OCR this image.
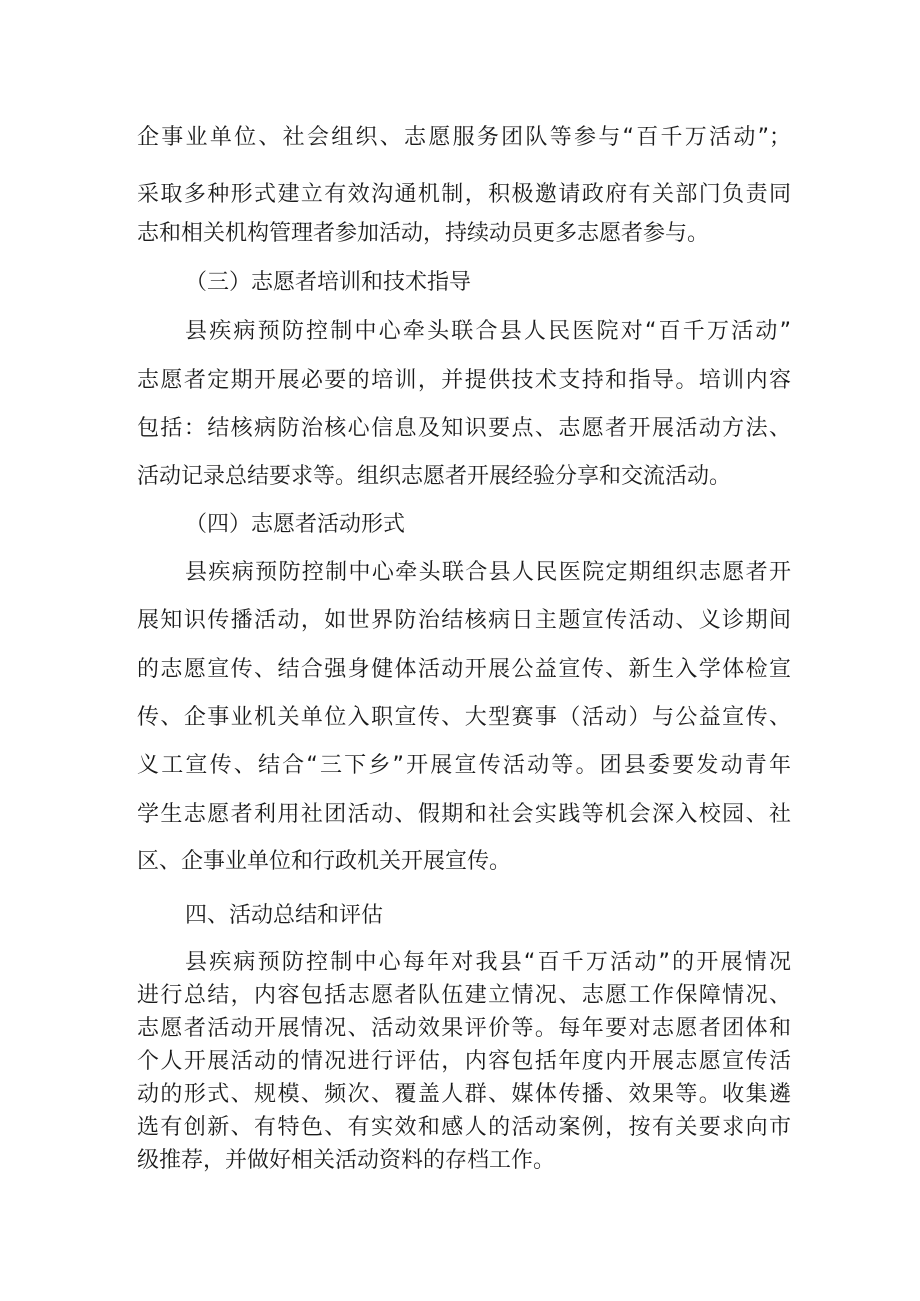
企事业单位、社会组织、志愿服务团队等参与“百千万活动”；
采取多种形式建立有效沟通机制，积极邀请政府有关部门负责同
志和相关机构管理者参加活动，持续动员更多志愿者参与。
（三）志愿者培训和技术指导
县疾病预防控制中心牵头联合县人民医院对“百千万活动”
志愿者定期开展必要的培训，并提供技术支持和指导。培训内容
包括：结核病防治核心信息及知识要点、志愿者开展活动方法、
活动记录总结要求等。组织志愿者开展经验分享和交流活动。
（四）志愿者活动形式
县疾病预防控制中心牵头联合县人民医院定期组织志愿者开
展知识传播活动，如世界防治结核病日主题宣传活动、义诊期间
的志愿宣传、结合强身健体活动开展公益宣传、新生入学体检宣
传、企事业机关单位入职宣传、大型赛事（活动）与公益宣传、
义工宣传、结合“三下乡”开展宣传活动等。团县委要发动青年
学生志愿者利用社团活动、假期和社会实践等机会深入校园、社
区、企事业单位和行政机关开展宣传。
四、活动总结和评估
县疾病预防控制中心每年对我县“百千万活动”的开展情况
进行总结，内容包括志愿者队伍建立情况、志愿工作保障情况、
志愿者活动开展情况、活动效果评价等。每年要对志愿者团体和
个人开展活动的情况进行评估，内容包括年度内开展志愿宣传活
动的形式、规模、频次、覆盖人群、媒体传播、效果等。收集遴
选有创新、有特色、有实效和感人的活动案例，按有关要求向市
级推荐，并做好相关活动资料的存档工作。
